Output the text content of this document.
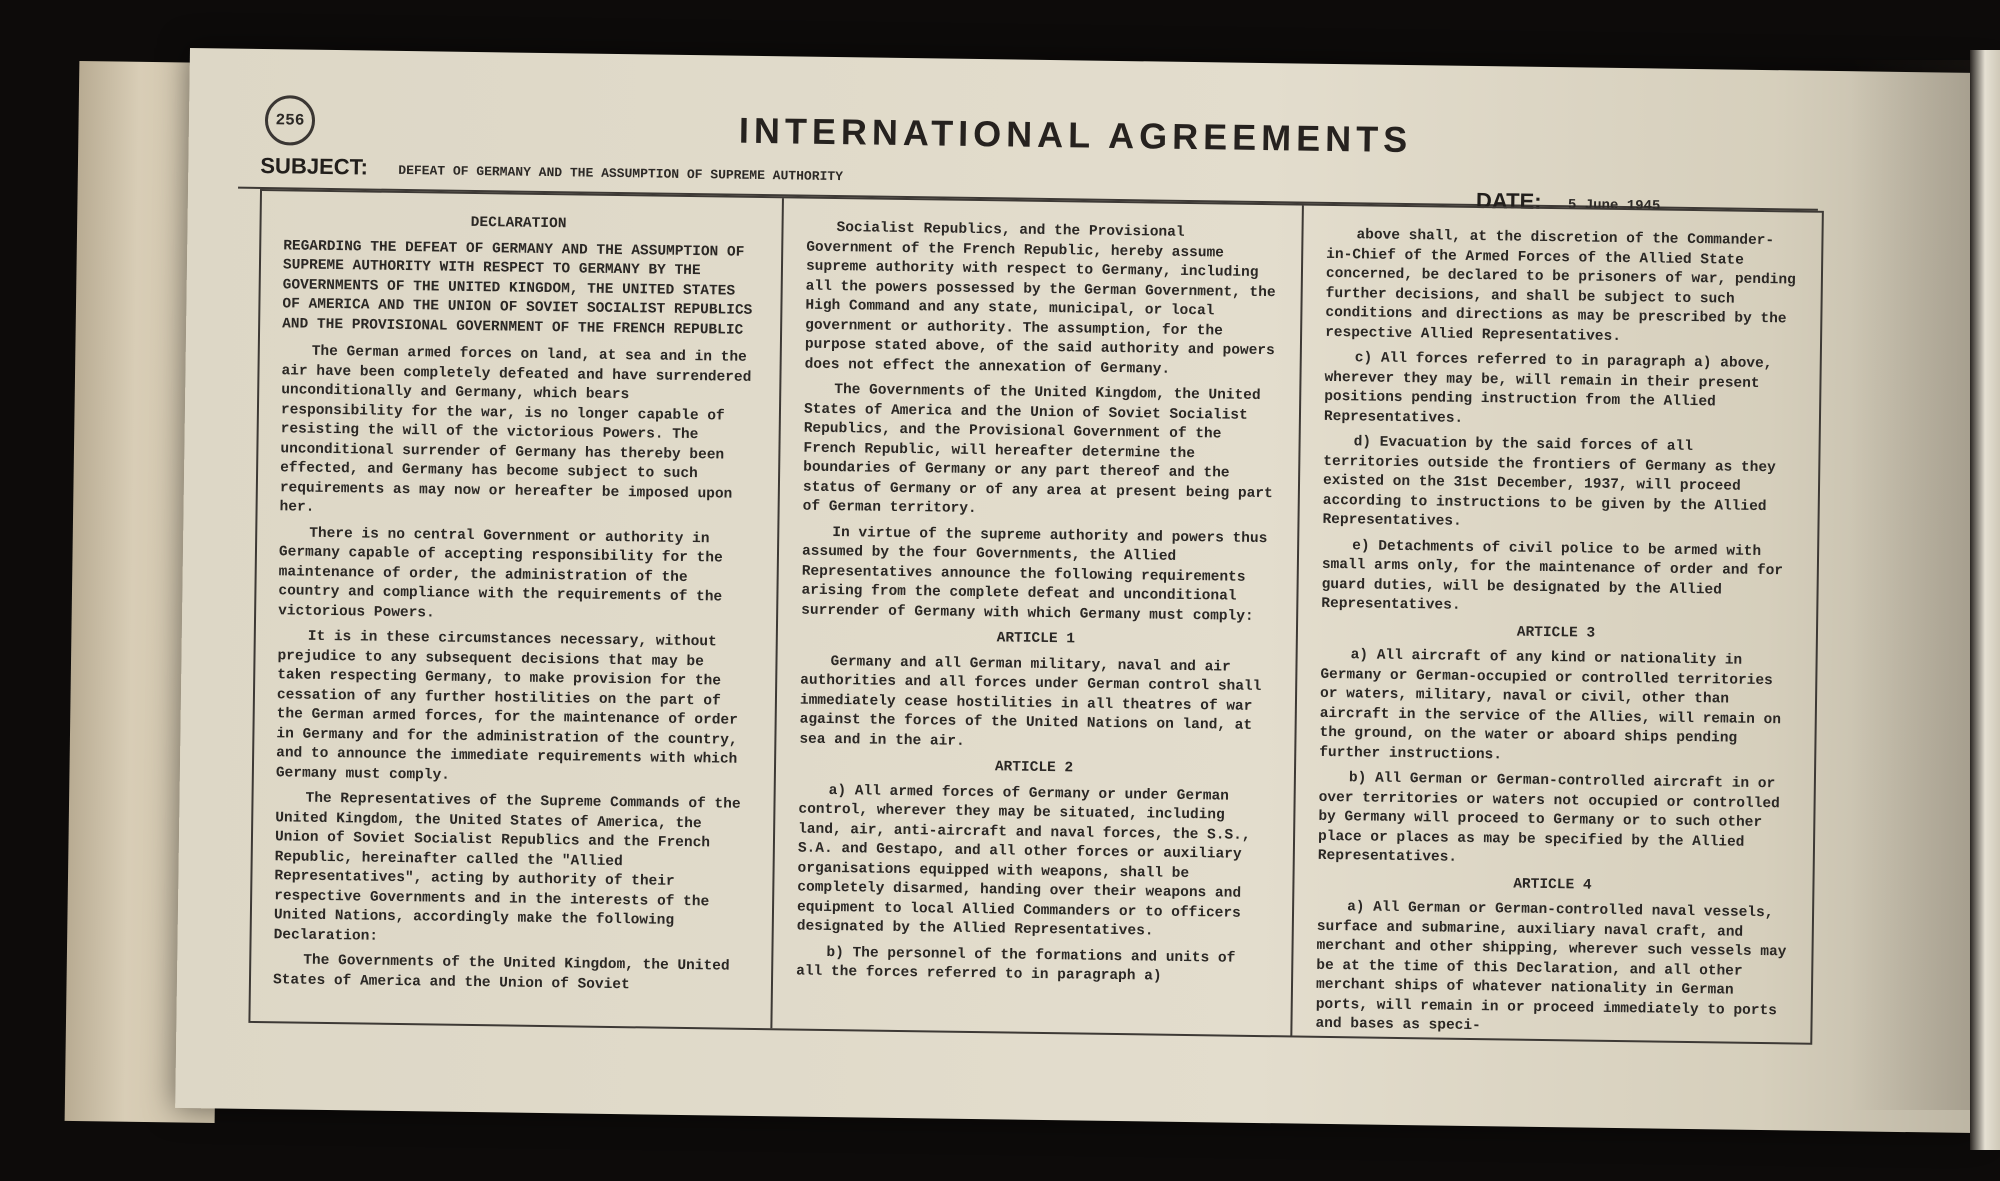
256	INTERNATIONAL AGREEMENTS
SUBJECT: DEFEAT OF GERMANY AND THE ASSUMPTION OF SUPREME AUTHORITY
DATE: 5 June 1945

DECLARATION

REGARDING THE DEFEAT OF GERMANY AND THE ASSUMPTION OF SUPREME AUTHORITY WITH RESPECT TO GERMANY BY THE GOVERNMENTS OF THE UNITED KINGDOM, THE UNITED STATES OF AMERICA AND THE UNION OF SOVIET SOCIALIST REPUBLICS AND THE PROVISIONAL GOVERNMENT OF THE FRENCH REPUBLIC

The German armed forces on land, at sea and in the air have been completely defeated and have surrendered unconditionally and Germany, which bears responsibility for the war, is no longer capable of resisting the will of the victorious Powers. The unconditional surrender of Germany has thereby been effected, and Germany has become subject to such requirements as may now or hereafter be imposed upon her.

There is no central Government or authority in Germany capable of accepting responsibility for the maintenance of order, the administration of the country and compliance with the requirements of the victorious Powers.

It is in these circumstances necessary, without prejudice to any subsequent decisions that may be taken respecting Germany, to make provision for the cessation of any further hostilities on the part of the German armed forces, for the maintenance of order in Germany and for the administration of the country, and to announce the immediate requirements with which Germany must comply.

The Representatives of the Supreme Commands of the United Kingdom, the United States of America, the Union of Soviet Socialist Republics and the French Republic, hereinafter called the "Allied Representatives", acting by authority of their respective Governments and in the interests of the United Nations, accordingly make the following Declaration:

The Governments of the United Kingdom, the United States of America and the Union of Soviet

Socialist Republics, and the Provisional Government of the French Republic, hereby assume supreme authority with respect to Germany, including all the powers possessed by the German Government, the High Command and any state, municipal, or local government or authority. The assumption, for the purpose stated above, of the said authority and powers does not effect the annexation of Germany.

The Governments of the United Kingdom, the United States of America and the Union of Soviet Socialist Republics, and the Provisional Government of the French Republic, will hereafter determine the boundaries of Germany or any part thereof and the status of Germany or of any area at present being part of German territory.

In virtue of the supreme authority and powers thus assumed by the four Governments, the Allied Representatives announce the following requirements arising from the complete defeat and unconditional surrender of Germany with which Germany must comply:

ARTICLE 1

Germany and all German military, naval and air authorities and all forces under German control shall immediately cease hostilities in all theatres of war against the forces of the United Nations on land, at sea and in the air.

ARTICLE 2

a) All armed forces of Germany or under German control, wherever they may be situated, including land, air, anti-aircraft and naval forces, the S.S., S.A. and Gestapo, and all other forces or auxiliary organisations equipped with weapons, shall be completely disarmed, handing over their weapons and equipment to local Allied Commanders or to officers designated by the Allied Representatives.

b) The personnel of the formations and units of all the forces referred to in paragraph a)

above shall, at the discretion of the Commander-in-Chief of the Armed Forces of the Allied State concerned, be declared to be prisoners of war, pending further decisions, and shall be subject to such conditions and directions as may be prescribed by the respective Allied Representatives.

c) All forces referred to in paragraph a) above, wherever they may be, will remain in their present positions pending instruction from the Allied Representatives.

d) Evacuation by the said forces of all territories outside the frontiers of Germany as they existed on the 31st December, 1937, will proceed according to instructions to be given by the Allied Representatives.

e) Detachments of civil police to be armed with small arms only, for the maintenance of order and for guard duties, will be designated by the Allied Representatives.

ARTICLE 3

a) All aircraft of any kind or nationality in Germany or German-occupied or controlled territories or waters, military, naval or civil, other than aircraft in the service of the Allies, will remain on the ground, on the water or aboard ships pending further instructions.

b) All German or German-controlled aircraft in or over territories or waters not occupied or controlled by Germany will proceed to Germany or to such other place or places as may be specified by the Allied Representatives.

ARTICLE 4

a) All German or German-controlled naval vessels, surface and submarine, auxiliary naval craft, and merchant and other shipping, wherever such vessels may be at the time of this Declaration, and all other merchant ships of whatever nationality in German ports, will remain in or proceed immediately to ports and bases as speci-
